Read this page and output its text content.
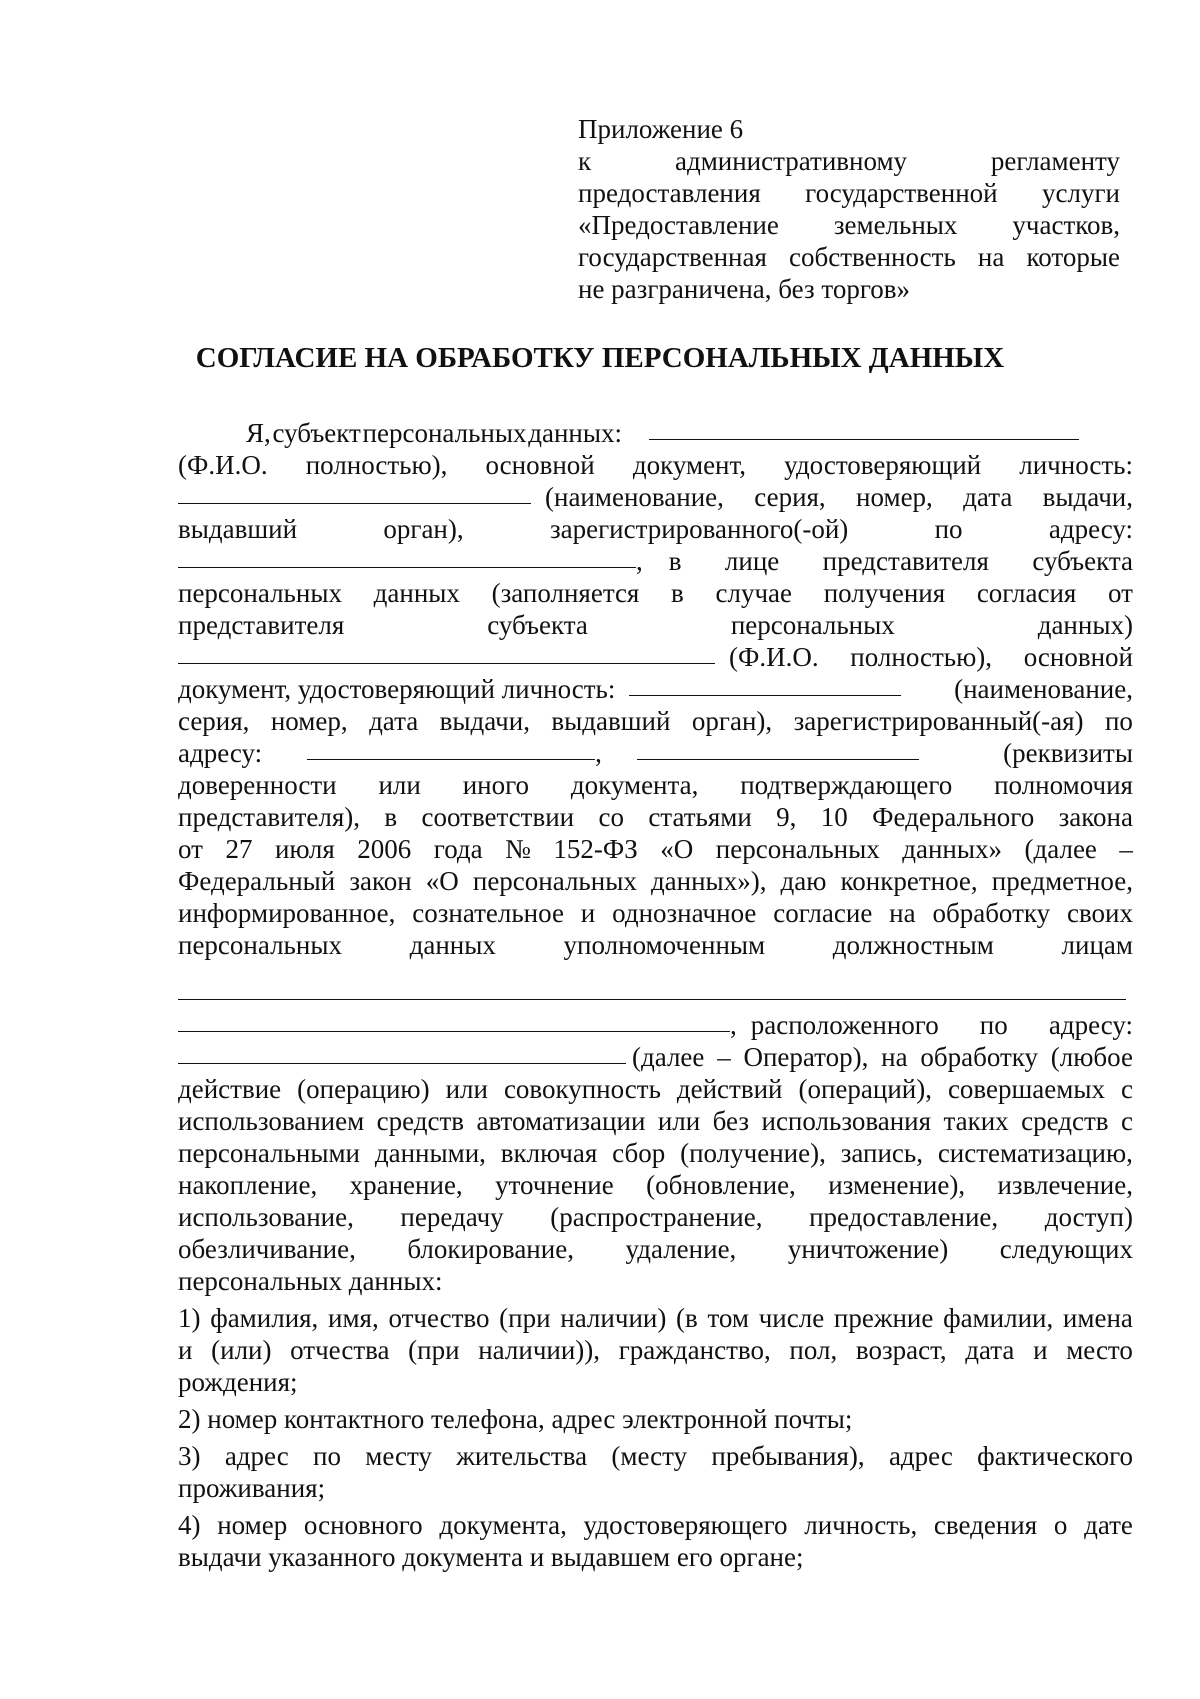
Приложение 6
к	административному	регламенту
предоставления государственной услуги
«Предоставление земельных участков,
государственная собственность на которые
не разграничена, без торгов»
СОГЛАСИЕ НА ОБРАБОТКУ ПЕРСОНАЛЬНЫХ ДАННЫХ
Я, субъект персональных данных:
(Ф.И.О. полностью), основной документ, удостоверяющий личность:
(наименование, серия, номер, дата выдачи,
выдавший	орган),	зарегистрированного(-ой)	по	адресу:
, в лице представителя субъекта
персональных данных (заполняется в случае получения согласия от
представителя	субъекта	персональных	данных)
(Ф.И.О. полностью), основной
документ, удостоверяющий личность:	(наименование,
серия, номер, дата выдачи, выдавший орган), зарегистрированный(-ая) по
адресу:	,	(реквизиты
доверенности или иного документа, подтверждающего полномочия
представителя), в соответствии со статьями 9, 10 Федерального закона
от 27 июля 2006 года № 152-ФЗ «О персональных данных» (далее –
Федеральный закон «О персональных данных»), даю конкретное, предметное,
информированное, сознательное и однозначное согласие на обработку своих
персональных	данных	уполномоченным	должностным	лицам
, расположенного по адресу:
(далее – Оператор), на обработку (любое
действие (операцию) или совокупность действий (операций), совершаемых с
использованием средств автоматизации или без использования таких средств с
персональными данными, включая сбор (получение), запись, систематизацию,
накопление, хранение, уточнение (обновление, изменение), извлечение,
использование, передачу (распространение, предоставление, доступ)
обезличивание, блокирование, удаление, уничтожение) следующих
персональных данных:
1) фамилия, имя, отчество (при наличии) (в том числе прежние фамилии, имена
и (или) отчества (при наличии)), гражданство, пол, возраст, дата и место
рождения;
2) номер контактного телефона, адрес электронной почты;
3) адрес по месту жительства (месту пребывания), адрес фактического
проживания;
4) номер основного документа, удостоверяющего личность, сведения о дате
выдачи указанного документа и выдавшем его органе;
